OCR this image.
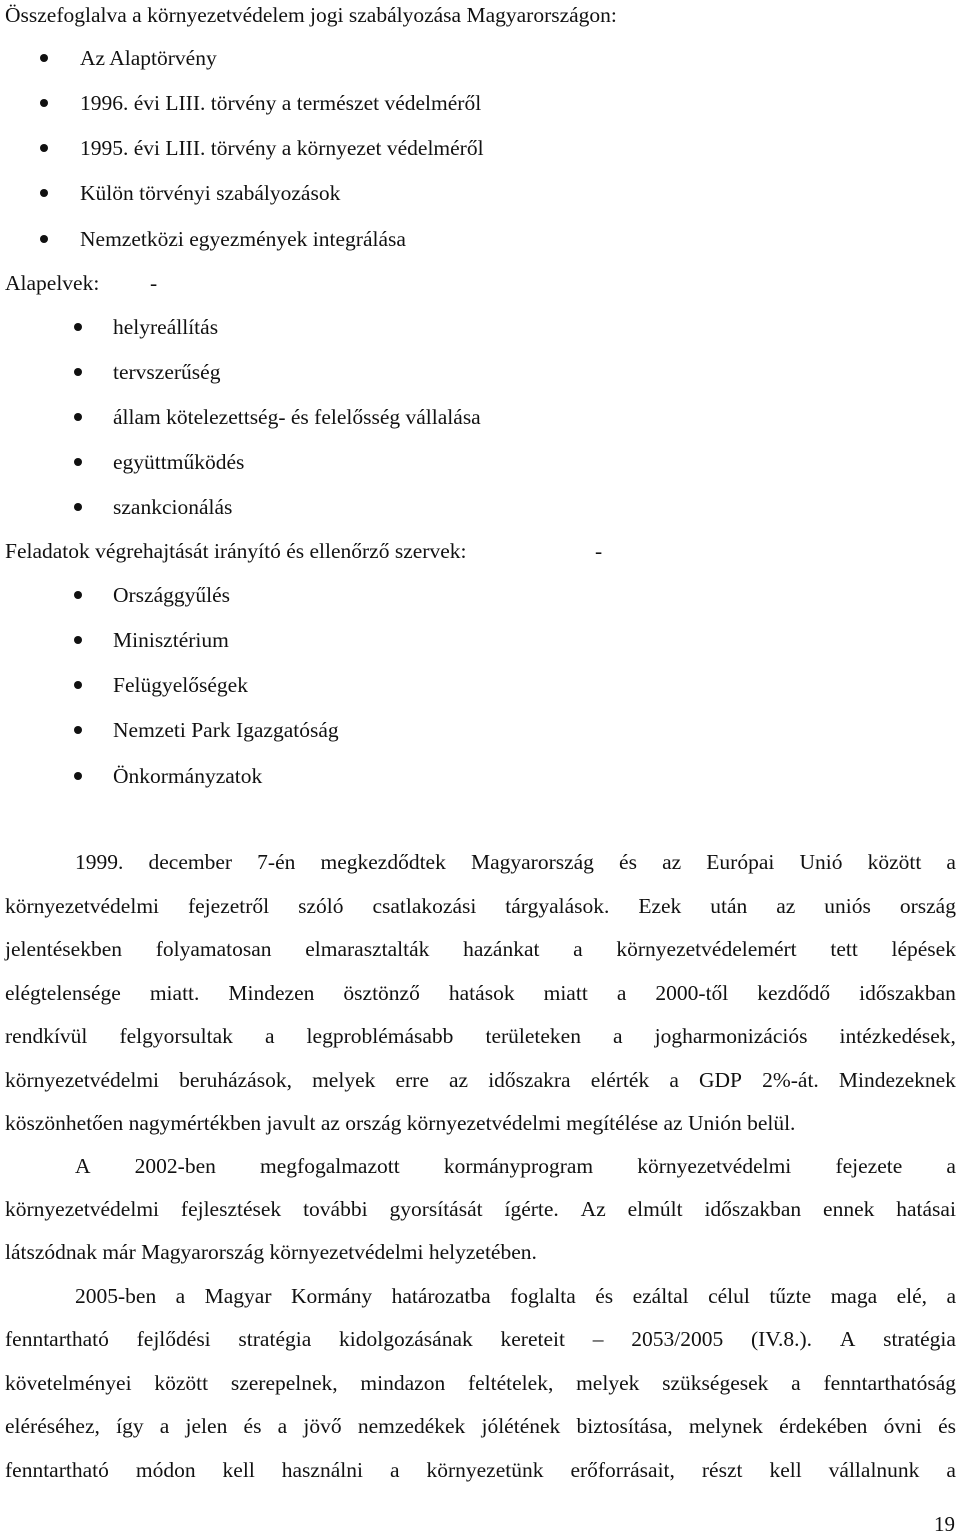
Összefoglalva a környezetvédelem jogi szabályozása Magyarországon:
Az Alaptörvény
1996. évi LIII. törvény a természet védelméről
1995. évi LIII. törvény a környezet védelméről
Külön törvényi szabályozások
Nemzetközi egyezmények integrálása
Alapelvek:	-
helyreállítás
tervszerűség
állam kötelezettség- és felelősség vállalása
együttműködés
szankcionálás
Feladatok végrehajtását irányító és ellenőrző szervek:	-
Országgyűlés
Minisztérium
Felügyelőségek
Nemzeti Park Igazgatóság
Önkormányzatok
1999. december 7-én megkezdődtek Magyarország és az Európai Unió között a
környezetvédelmi fejezetről szóló csatlakozási tárgyalások. Ezek után az uniós ország
jelentésekben folyamatosan elmarasztalták hazánkat a környezetvédelemért tett lépések
elégtelensége miatt. Mindezen ösztönző hatások miatt a 2000-től kezdődő időszakban
rendkívül felgyorsultak a legproblémásabb területeken a jogharmonizációs intézkedések,
környezetvédelmi beruházások, melyek erre az időszakra elérték a GDP 2%-át. Mindezeknek
köszönhetően nagymértékben javult az ország környezetvédelmi megítélése az Unión belül.
A 2002-ben megfogalmazott kormányprogram környezetvédelmi fejezete a
környezetvédelmi fejlesztések további gyorsítását ígérte. Az elmúlt időszakban ennek hatásai
látszódnak már Magyarország környezetvédelmi helyzetében.
2005-ben a Magyar Kormány határozatba foglalta és ezáltal célul tűzte maga elé, a
fenntartható fejlődési stratégia kidolgozásának kereteit – 2053/2005 (IV.8.). A stratégia
követelményei között szerepelnek, mindazon feltételek, melyek szükségesek a fenntarthatóság
eléréséhez, így a jelen és a jövő nemzedékek jólétének biztosítása, melynek érdekében óvni és
fenntartható módon kell használni a környezetünk erőforrásait, részt kell vállalnunk a
19
